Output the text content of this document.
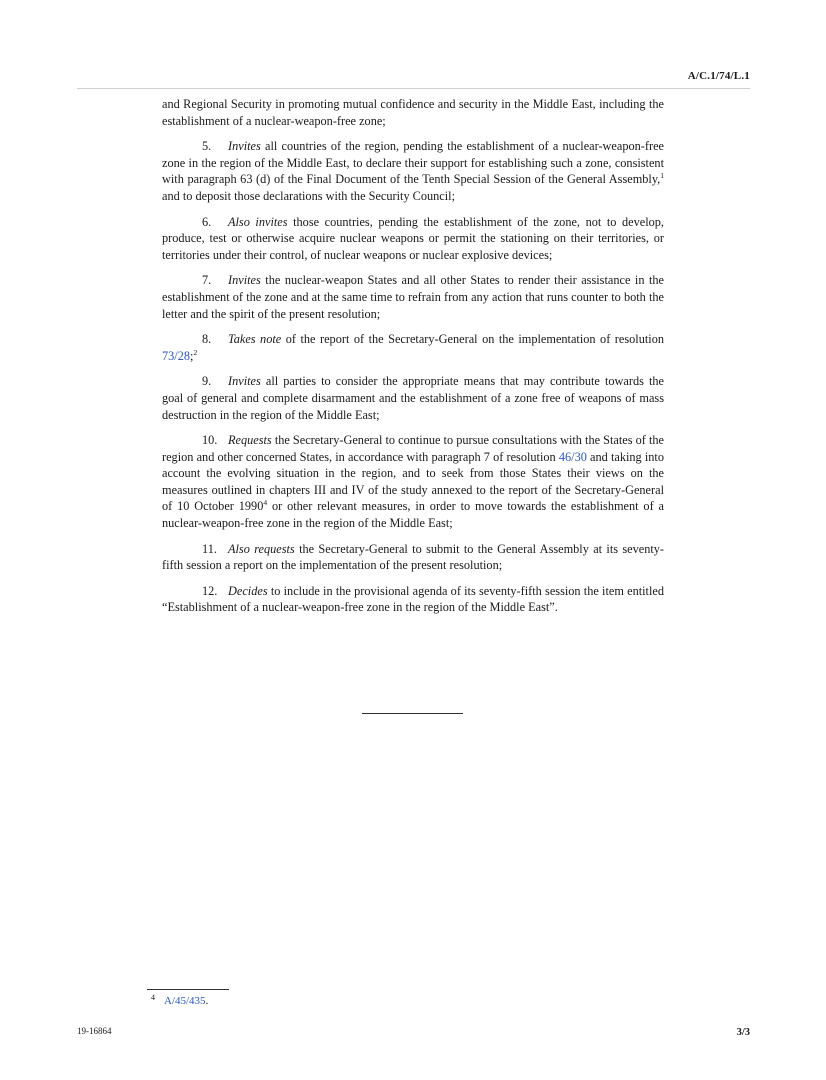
A/C.1/74/L.1

and Regional Security in promoting mutual confidence and security in the Middle East, including the establishment of a nuclear-weapon-free zone;

5. Invites all countries of the region, pending the establishment of a nuclear-weapon-free zone in the region of the Middle East, to declare their support for establishing such a zone, consistent with paragraph 63 (d) of the Final Document of the Tenth Special Session of the General Assembly,$^1$ and to deposit those declarations with the Security Council;

6. Also invites those countries, pending the establishment of the zone, not to develop, produce, test or otherwise acquire nuclear weapons or permit the stationing on their territories, or territories under their control, of nuclear weapons or nuclear explosive devices;

7. Invites the nuclear-weapon States and all other States to render their assistance in the establishment of the zone and at the same time to refrain from any action that runs counter to both the letter and the spirit of the present resolution;

8. Takes note of the report of the Secretary-General on the implementation of resolution 73/28;$^2$

9. Invites all parties to consider the appropriate means that may contribute towards the goal of general and complete disarmament and the establishment of a zone free of weapons of mass destruction in the region of the Middle East;

10. Requests the Secretary-General to continue to pursue consultations with the States of the region and other concerned States, in accordance with paragraph 7 of resolution 46/30 and taking into account the evolving situation in the region, and to seek from those States their views on the measures outlined in chapters III and IV of the study annexed to the report of the Secretary-General of 10 October 1990$^4$ or other relevant measures, in order to move towards the establishment of a nuclear-weapon-free zone in the region of the Middle East;

11. Also requests the Secretary-General to submit to the General Assembly at its seventy-fifth session a report on the implementation of the present resolution;

12. Decides to include in the provisional agenda of its seventy-fifth session the item entitled “Establishment of a nuclear-weapon-free zone in the region of the Middle East”.

$^4$ A/45/435.
19-16864	3/3
